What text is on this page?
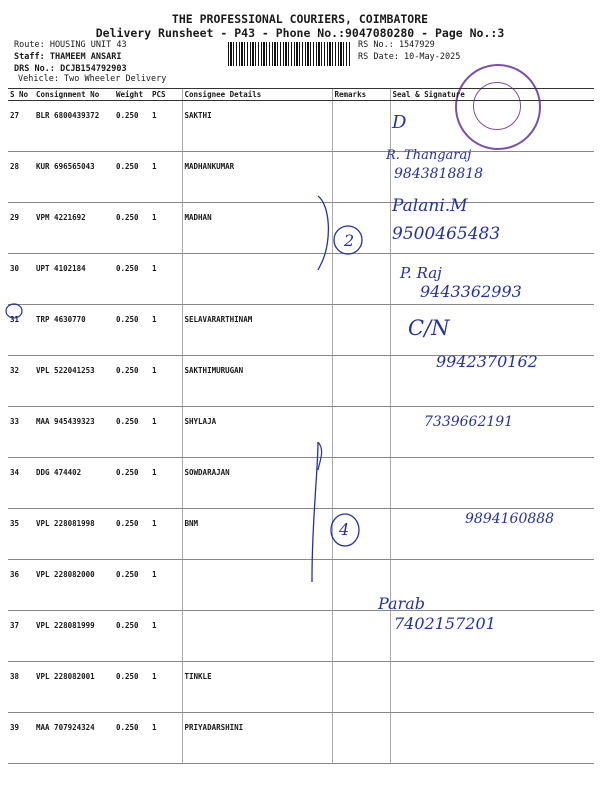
THE PROFESSIONAL COURIERS, COIMBATORE
Delivery Runsheet - P43 - Phone No.:9047080280 - Page No.:3
Route: HOUSING UNIT 43
Staff: THAMEEM ANSARI
DRS No.: DCJB154792903
Vehicle: Two Wheeler Delivery
RS No.: 1547929
RS Date: 10-May-2025
S No	Consignment No	Weight	PCS	Consignee Details	Remarks	Seal & Signature
27	BLR 6800439372	0.250	1	SAKTHI		
28	KUR 696565043	0.250	1	MADHANKUMAR		
29	VPM 4221692	0.250	1	MADHAN		
30	UPT 4102184	0.250	1			
31	TRP 4630770	0.250	1	SELAVARARTHINAM		
32	VPL 522041253	0.250	1	SAKTHIMURUGAN		
33	MAA 945439323	0.250	1	SHYLAJA		
34	DDG 474402	0.250	1	SOWDARAJAN		
35	VPL 228081998	0.250	1	BNM		
36	VPL 228082000	0.250	1			
37	VPL 228081999	0.250	1			
38	VPL 228082001	0.250	1	TINKLE		
39	MAA 707924324	0.250	1	PRIYADARSHINI		
2
4
D
R. Thangaraj
9843818818
Palani.M
9500465483
P. Raj
9443362993
C/N
9942370162
7339662191
9894160888
Parab
7402157201
